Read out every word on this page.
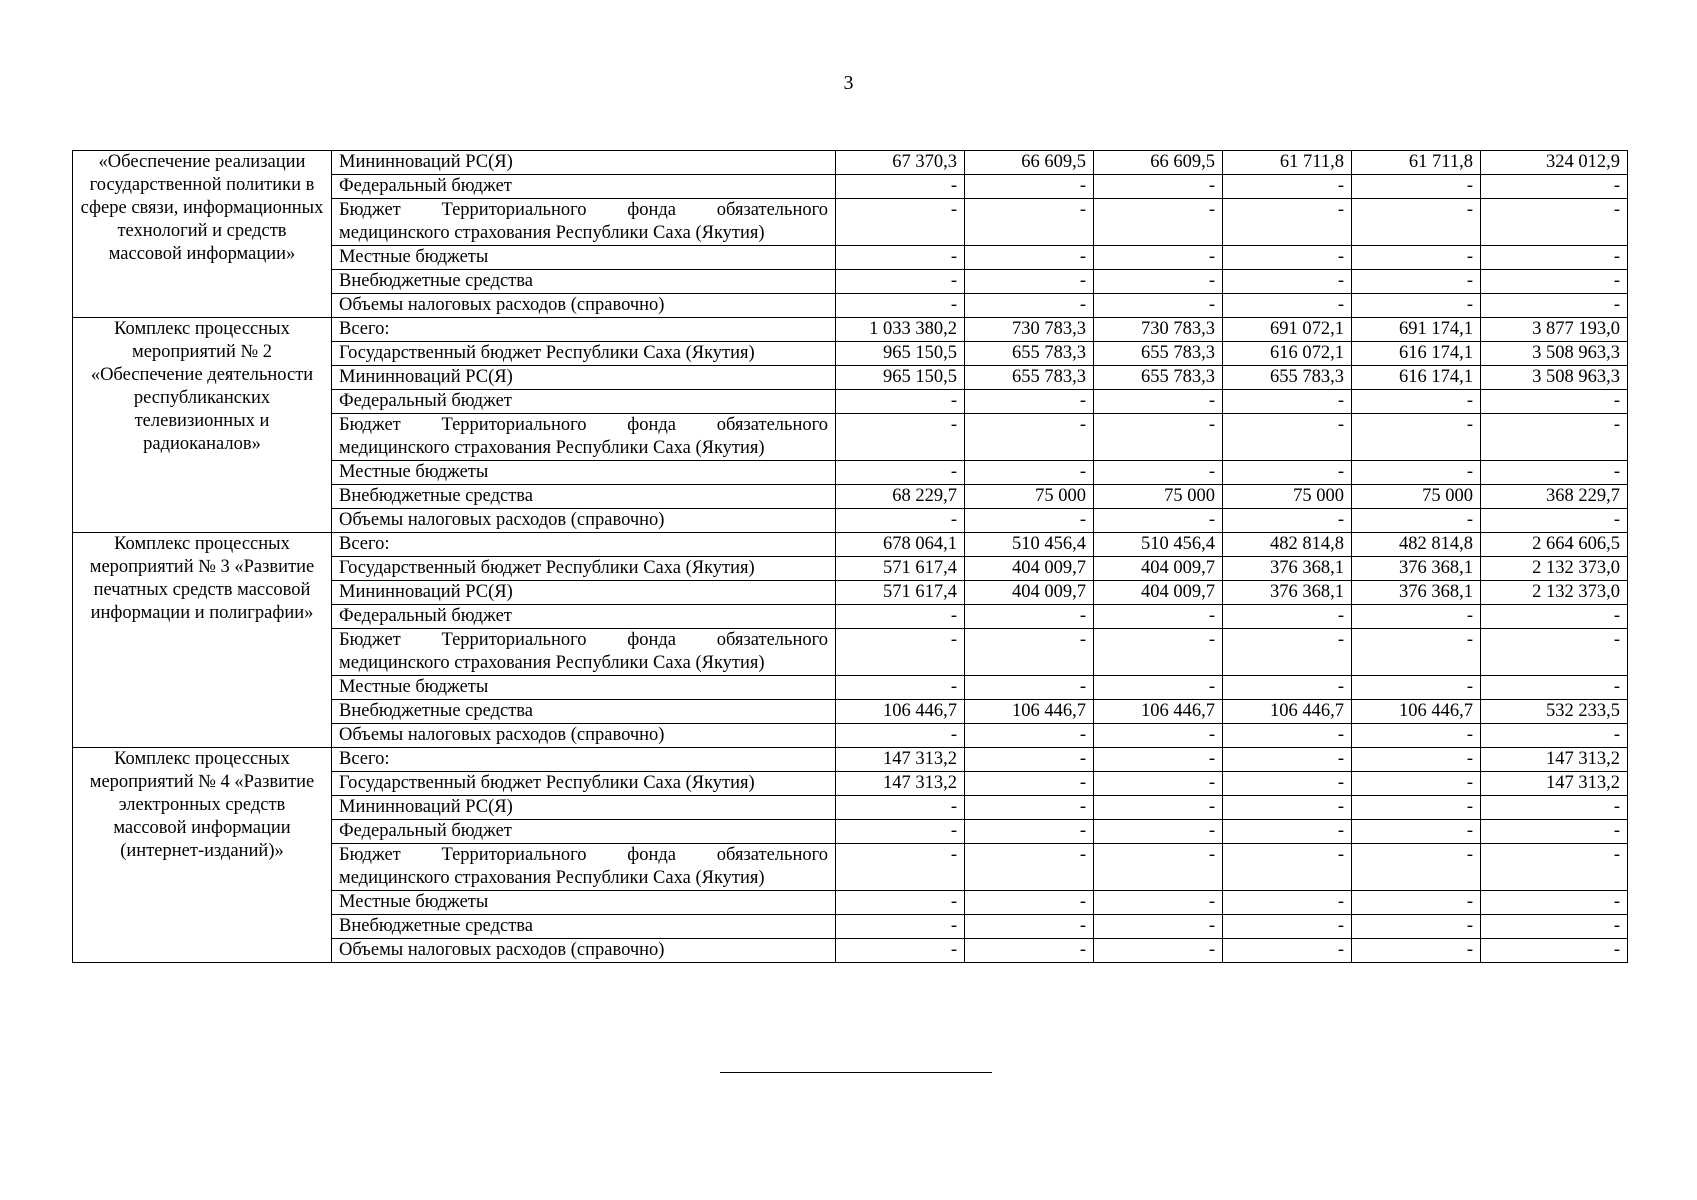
3
«Обеспечение реализации государственной политики в сфере связи, информационных технологий и средств массовой информации»	Мининноваций РС(Я)	67 370,3	66 609,5	66 609,5	61 711,8	61 711,8	324 012,9
	Федеральный бюджет	-	-	-	-	-	-
	Бюджет Территориального фонда обязательного медицинского страхования Республики Саха (Якутия)	-	-	-	-	-	-
	Местные бюджеты	-	-	-	-	-	-
	Внебюджетные средства	-	-	-	-	-	-
	Объемы налоговых расходов (справочно)	-	-	-	-	-	-
Комплекс процессных мероприятий № 2 «Обеспечение деятельности республиканских телевизионных и радиоканалов»	Всего:	1 033 380,2	730 783,3	730 783,3	691 072,1	691 174,1	3 877 193,0
	Государственный бюджет Республики Саха (Якутия)	965 150,5	655 783,3	655 783,3	616 072,1	616 174,1	3 508 963,3
	Мининноваций РС(Я)	965 150,5	655 783,3	655 783,3	655 783,3	616 174,1	3 508 963,3
	Федеральный бюджет	-	-	-	-	-	-
	Бюджет Территориального фонда обязательного медицинского страхования Республики Саха (Якутия)	-	-	-	-	-	-
	Местные бюджеты	-	-	-	-	-	-
	Внебюджетные средства	68 229,7	75 000	75 000	75 000	75 000	368 229,7
	Объемы налоговых расходов (справочно)	-	-	-	-	-	-
Комплекс процессных мероприятий № 3 «Развитие печатных средств массовой информации и полиграфии»	Всего:	678 064,1	510 456,4	510 456,4	482 814,8	482 814,8	2 664 606,5
	Государственный бюджет Республики Саха (Якутия)	571 617,4	404 009,7	404 009,7	376 368,1	376 368,1	2 132 373,0
	Мининноваций РС(Я)	571 617,4	404 009,7	404 009,7	376 368,1	376 368,1	2 132 373,0
	Федеральный бюджет	-	-	-	-	-	-
	Бюджет Территориального фонда обязательного медицинского страхования Республики Саха (Якутия)	-	-	-	-	-	-
	Местные бюджеты	-	-	-	-	-	-
	Внебюджетные средства	106 446,7	106 446,7	106 446,7	106 446,7	106 446,7	532 233,5
	Объемы налоговых расходов (справочно)	-	-	-	-	-	-
Комплекс процессных мероприятий № 4 «Развитие электронных средств массовой информации (интернет-изданий)»	Всего:	147 313,2	-	-	-	-	147 313,2
	Государственный бюджет Республики Саха (Якутия)	147 313,2	-	-	-	-	147 313,2
	Мининноваций РС(Я)	-	-	-	-	-	-
	Федеральный бюджет	-	-	-	-	-	-
	Бюджет Территориального фонда обязательного медицинского страхования Республики Саха (Якутия)	-	-	-	-	-	-
	Местные бюджеты	-	-	-	-	-	-
	Внебюджетные средства	-	-	-	-	-	-
	Объемы налоговых расходов (справочно)	-	-	-	-	-	-
